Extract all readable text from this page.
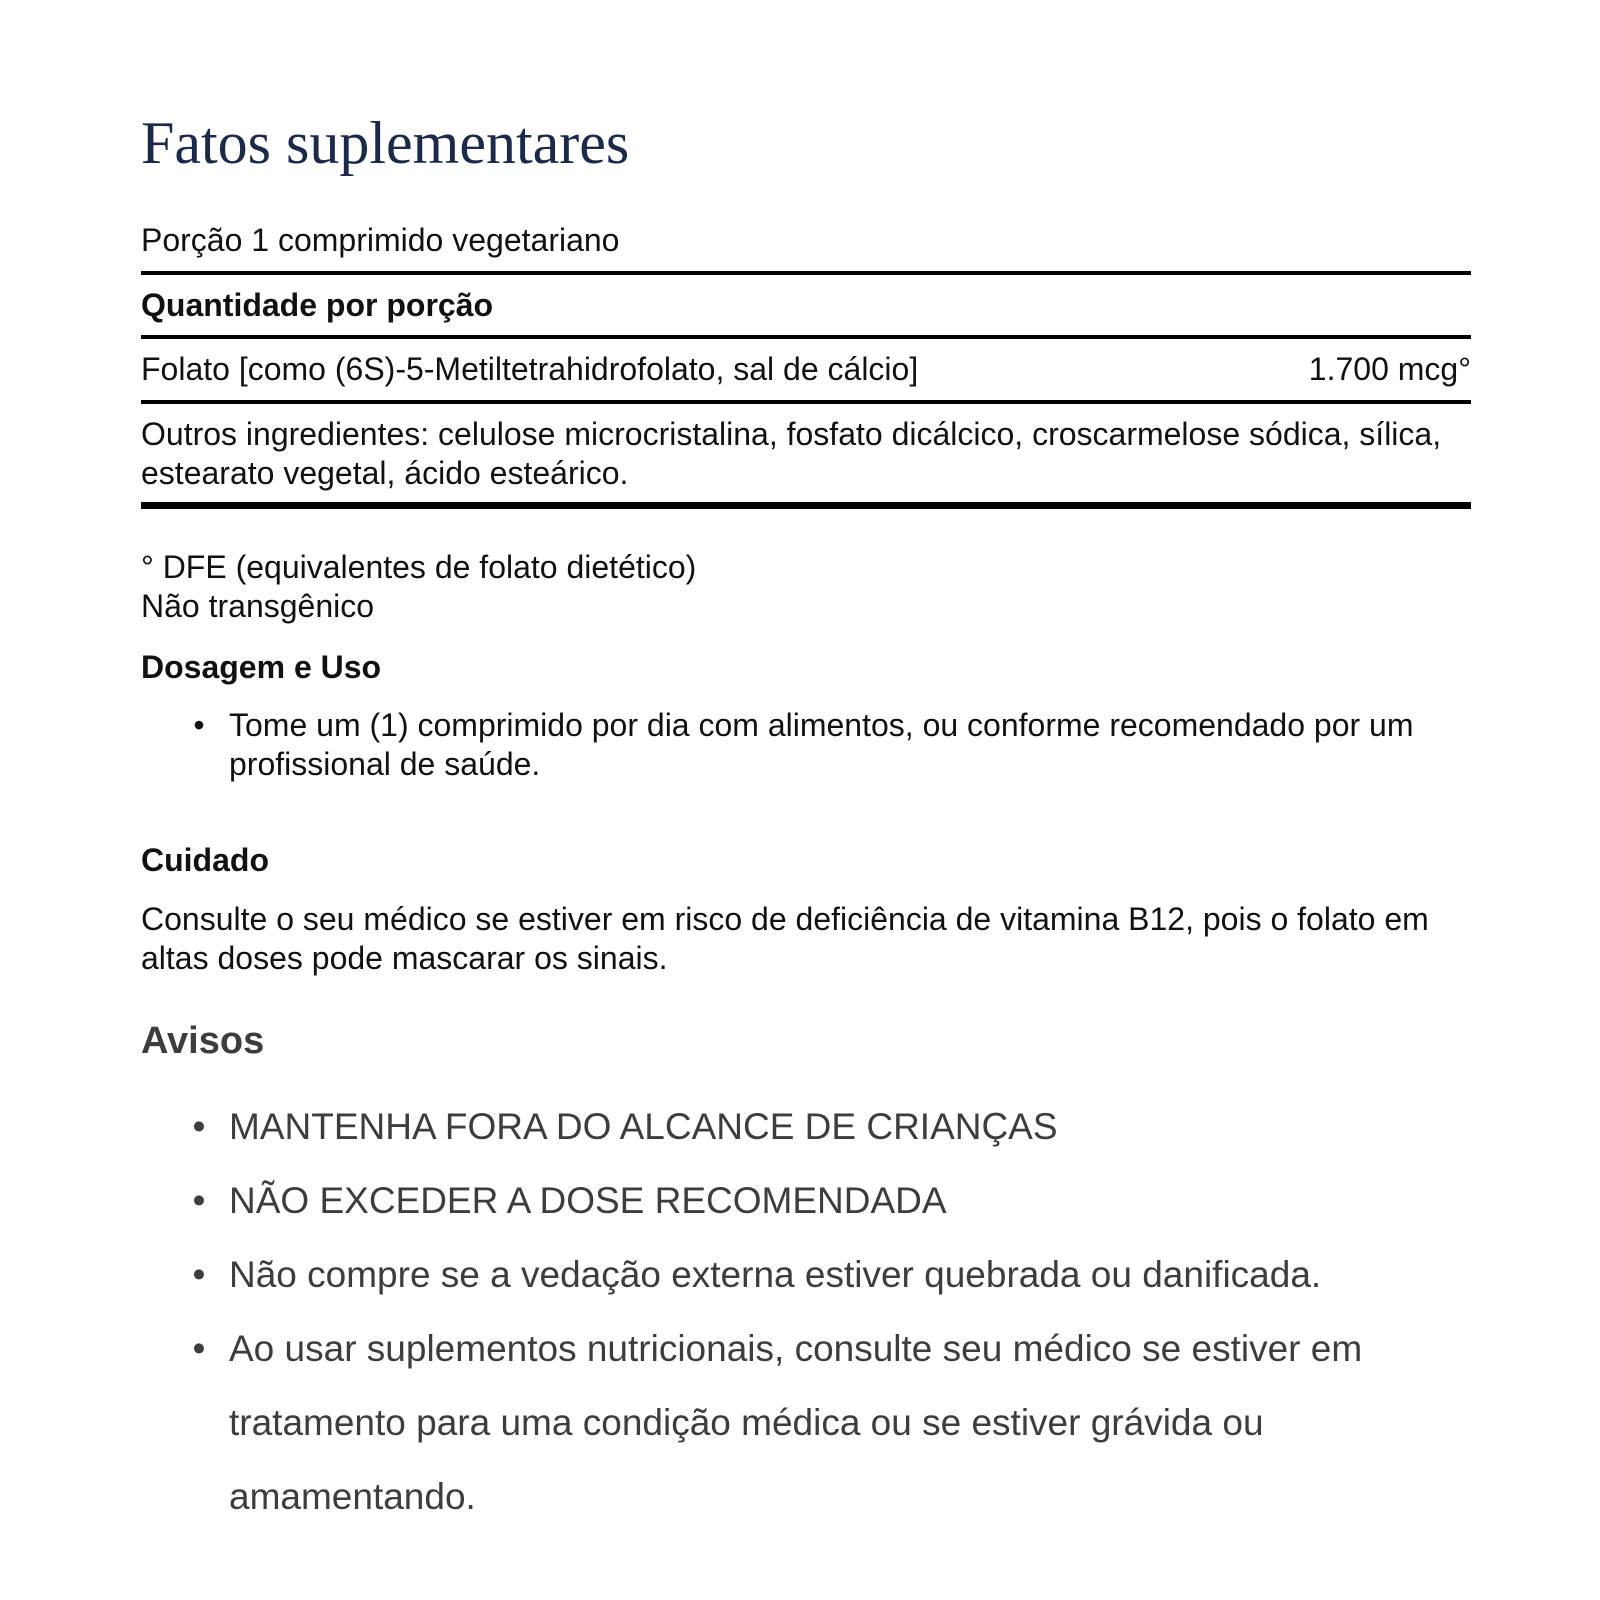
Fatos suplementares
Porção 1 comprimido vegetariano
Quantidade por porção
Folato [como (6S)-5-Metiltetrahidrofolato, sal de cálcio]	1.700 mcg°
Outros ingredientes: celulose microcristalina, fosfato dicálcico, croscarmelose sódica, sílica, estearato vegetal, ácido esteárico.
° DFE (equivalentes de folato dietético)
Não transgênico
Dosagem e Uso
• Tome um (1) comprimido por dia com alimentos, ou conforme recomendado por um profissional de saúde.
Cuidado
Consulte o seu médico se estiver em risco de deficiência de vitamina B12, pois o folato em altas doses pode mascarar os sinais.
Avisos
• MANTENHA FORA DO ALCANCE DE CRIANÇAS
• NÃO EXCEDER A DOSE RECOMENDADA
• Não compre se a vedação externa estiver quebrada ou danificada.
• Ao usar suplementos nutricionais, consulte seu médico se estiver em tratamento para uma condição médica ou se estiver grávida ou amamentando.
